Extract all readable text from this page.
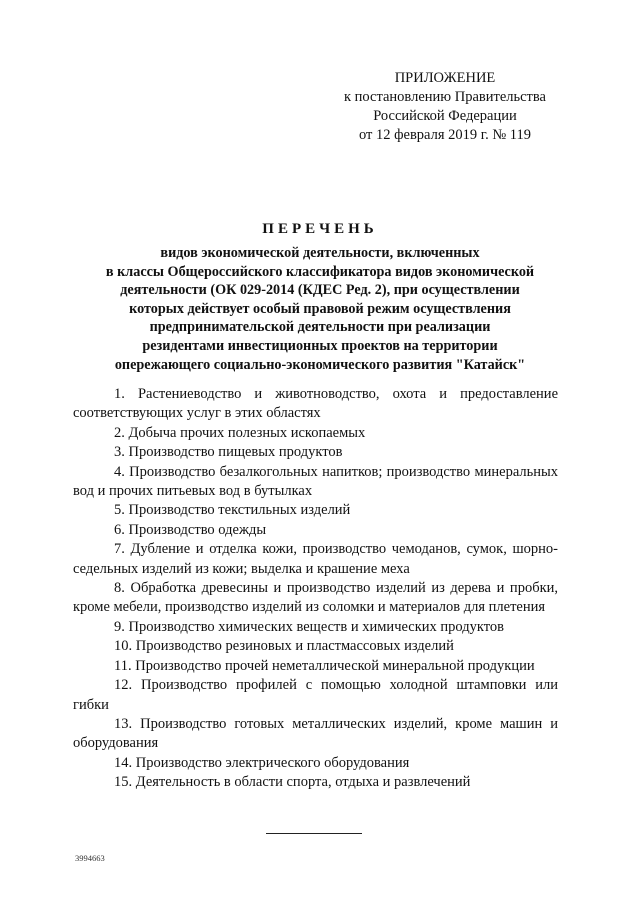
ПРИЛОЖЕНИЕ
к постановлению Правительства
Российской Федерации
от 12 февраля 2019 г. № 119
ПЕРЕЧЕНЬ
видов экономической деятельности, включенных
в классы Общероссийского классификатора видов экономической
деятельности (ОК 029-2014 (КДЕС Ред. 2), при осуществлении
которых действует особый правовой режим осуществления
предпринимательской деятельности при реализации
резидентами инвестиционных проектов на территории
опережающего социально-экономического развития "Катайск"

1. Растениеводство и животноводство, охота и предоставление соответствующих услуг в этих областях

2. Добыча прочих полезных ископаемых

3. Производство пищевых продуктов

4. Производство безалкогольных напитков; производство минеральных вод и прочих питьевых вод в бутылках

5. Производство текстильных изделий

6. Производство одежды

7. Дубление и отделка кожи, производство чемоданов, сумок, шорно-седельных изделий из кожи; выделка и крашение меха

8. Обработка древесины и производство изделий из дерева и пробки, кроме мебели, производство изделий из соломки и материалов для плетения

9. Производство химических веществ и химических продуктов

10. Производство резиновых и пластмассовых изделий

11. Производство прочей неметаллической минеральной продукции

12. Производство профилей с помощью холодной штамповки или гибки

13. Производство готовых металлических изделий, кроме машин и оборудования

14. Производство электрического оборудования

15. Деятельность в области спорта, отдыха и развлечений

3994663
